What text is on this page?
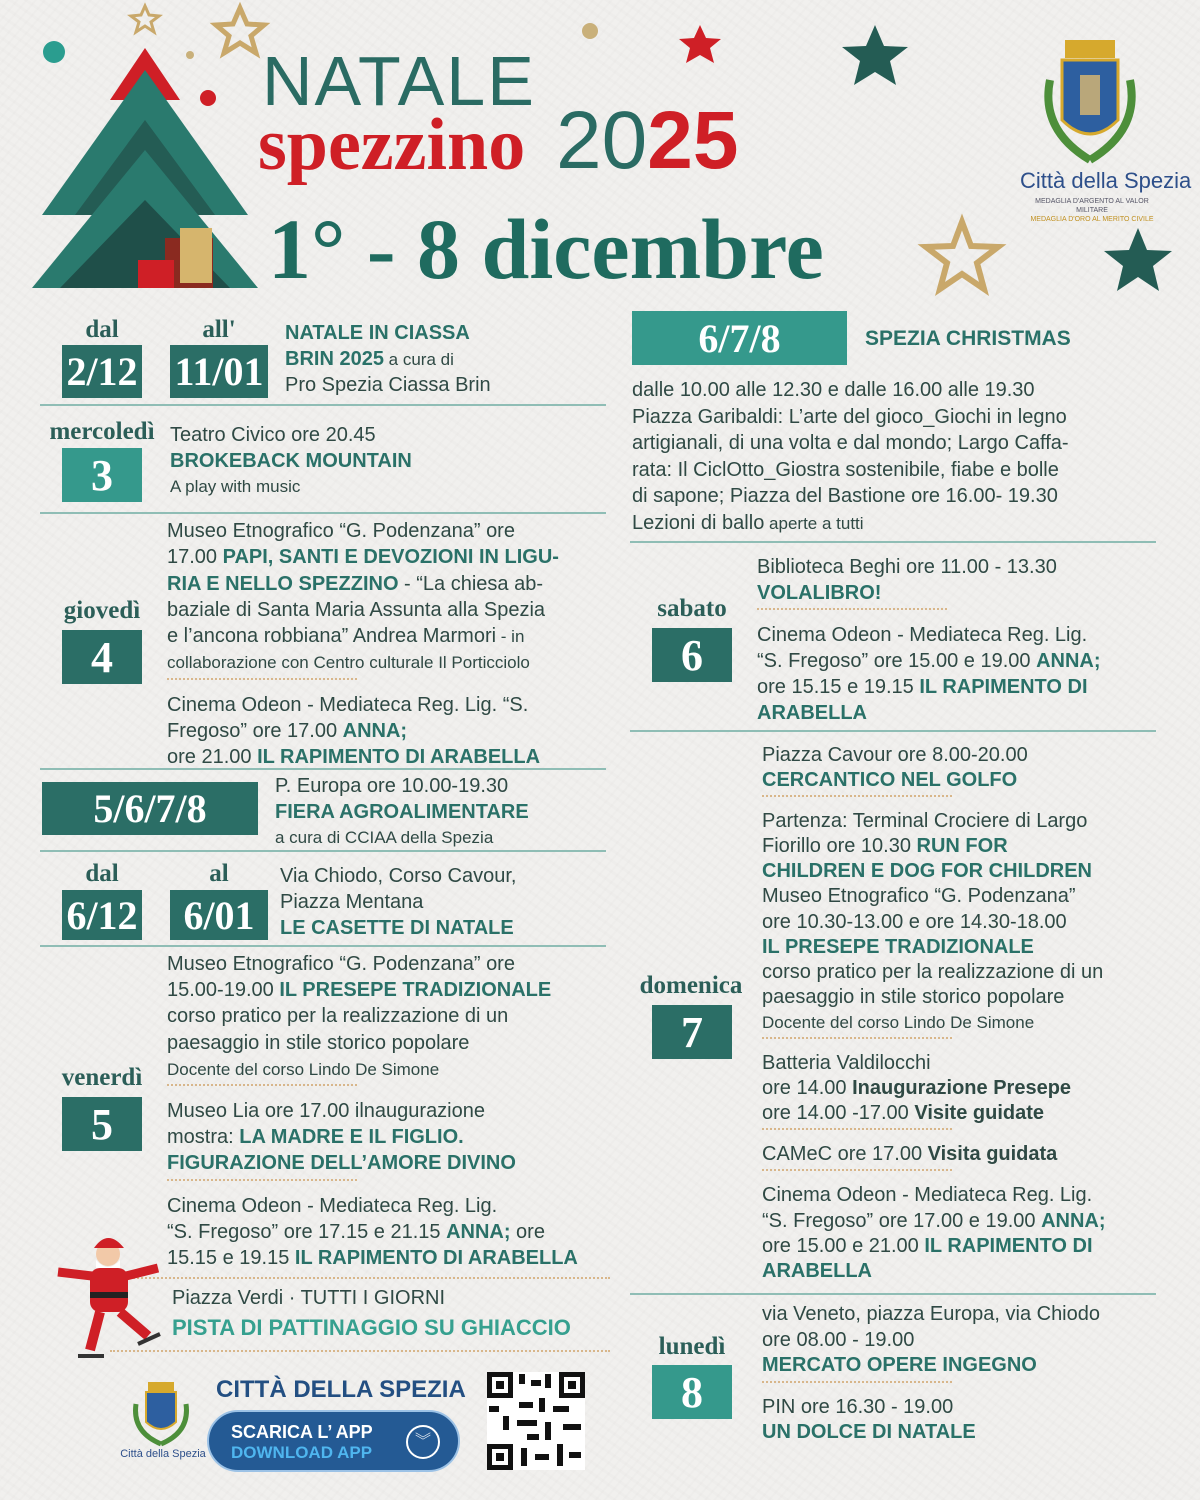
NATALE
spezzino 2025
1° - 8 dicembre
Città della Spezia
MEDAGLIA D'ARGENTO AL VALOR MILITARE
MEDAGLIA D'ORO AL MERITO CIVILE
dal
2/12
all'
11/01
NATALE IN CIASSA
BRIN 2025 a cura di
Pro Spezia Ciassa Brin
mercoledì
3
Teatro Civico ore 20.45
BROKEBACK MOUNTAIN
A play with music
giovedì
4
Museo Etnografico “G. Podenzana” ore
17.00 PAPI, SANTI E DEVOZIONI IN LIGU-
RIA E NELLO SPEZZINO - “La chiesa ab-
baziale di Santa Maria Assunta alla Spezia
e l’ancona robbiana” Andrea Marmori - in
collaborazione con Centro culturale Il Porticciolo
Cinema Odeon - Mediateca Reg. Lig. “S.
Fregoso” ore 17.00 ANNA;
ore 21.00 IL RAPIMENTO DI ARABELLA
5/6/7/8	P. Europa ore 10.00-19.30
FIERA AGROALIMENTARE
a cura di CCIAA della Spezia
dal
6/12
al
6/01
Via Chiodo, Corso Cavour,
Piazza Mentana
LE CASETTE DI NATALE
venerdì
5
Museo Etnografico “G. Podenzana” ore
15.00-19.00 IL PRESEPE TRADIZIONALE
corso pratico per la realizzazione di un
paesaggio in stile storico popolare
Docente del corso Lindo De Simone
Museo Lia ore 17.00 ilnaugurazione
mostra: LA MADRE E IL FIGLIO.
FIGURAZIONE DELL’AMORE DIVINO
Cinema Odeon - Mediateca Reg. Lig.
“S. Fregoso” ore 17.15 e 21.15 ANNA; ore
15.15 e 19.15 IL RAPIMENTO DI ARABELLA
Piazza Verdi · TUTTI I GIORNI
PISTA DI PATTINAGGIO SU GHIACCIO
6/7/8	SPEZIA CHRISTMAS
dalle 10.00 alle 12.30 e dalle 16.00 alle 19.30
Piazza Garibaldi: L’arte del gioco_Giochi in legno
artigianali, di una volta e dal mondo; Largo Caffa-
rata: Il CiclOtto_Giostra sostenibile, fiabe e bolle
di sapone; Piazza del Bastione ore 16.00- 19.30
Lezioni di ballo aperte a tutti
sabato
6
Biblioteca Beghi ore 11.00 - 13.30
VOLALIBRO!
Cinema Odeon - Mediateca Reg. Lig.
“S. Fregoso” ore 15.00 e 19.00 ANNA;
ore 15.15 e 19.15 IL RAPIMENTO DI
ARABELLA
domenica
7
Piazza Cavour ore 8.00-20.00
CERCANTICO NEL GOLFO
Partenza: Terminal Crociere di Largo
Fiorillo ore 10.30 RUN FOR
CHILDREN E DOG FOR CHILDREN
Museo Etnografico “G. Podenzana”
ore 10.30-13.00 e ore 14.30-18.00
IL PRESEPE TRADIZIONALE
corso pratico per la realizzazione di un
paesaggio in stile storico popolare
Docente del corso Lindo De Simone
Batteria Valdilocchi
ore 14.00 Inaugurazione Presepe
ore 14.00 -17.00 Visite guidate
CAMeC ore 17.00 Visita guidata
Cinema Odeon - Mediateca Reg. Lig.
“S. Fregoso” ore 17.00 e 19.00 ANNA;
ore 15.00 e 21.00 IL RAPIMENTO DI
ARABELLA
lunedì
8
via Veneto, piazza Europa, via Chiodo
ore 08.00 - 19.00
MERCATO OPERE INGEGNO
PIN ore 16.30 - 19.00
UN DOLCE DI NATALE
Città della Spezia
CITTÀ DELLA SPEZIA
SCARICA L’ APP
DOWNLOAD APP
︾
